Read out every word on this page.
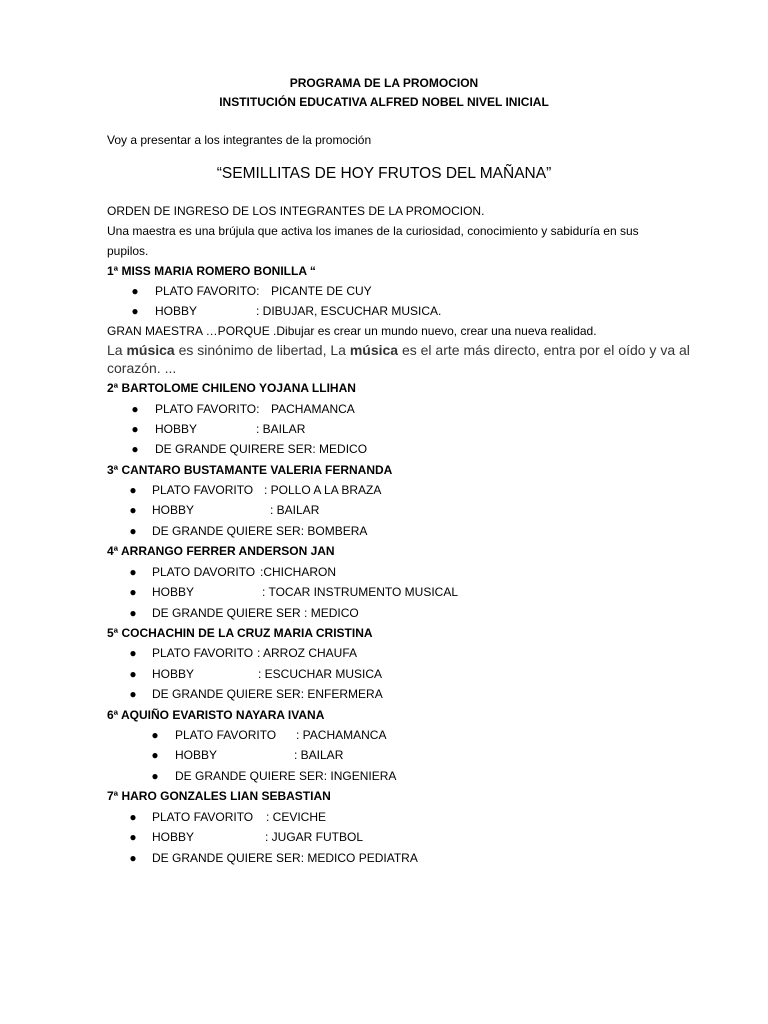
PROGRAMA DE LA PROMOCION
INSTITUCIÓN EDUCATIVA ALFRED NOBEL NIVEL INICIAL
Voy a presentar a los integrantes de la promoción
“SEMILLITAS DE HOY FRUTOS DEL MAÑANA”
ORDEN DE INGRESO DE LOS INTEGRANTES DE LA PROMOCION.
Una maestra es una brújula que activa los imanes de la curiosidad, conocimiento y sabiduría en sus
pupilos.
1ª MISS MARIA ROMERO BONILLA “
● PLATO FAVORITO: PICANTE DE CUY
● HOBBY	: DIBUJAR, ESCUCHAR MUSICA.
GRAN MAESTRA …PORQUE .Dibujar es crear un mundo nuevo, crear una nueva realidad.
La música es sinónimo de libertad, La música es el arte más directo, entra por el oído y va al
corazón. ...
2ª BARTOLOME CHILENO YOJANA LLIHAN
● PLATO FAVORITO: PACHAMANCA
● HOBBY	: BAILAR
● DE GRANDE QUIRERE SER: MEDICO
3ª CANTARO BUSTAMANTE VALERIA FERNANDA
● PLATO FAVORITO : POLLO A LA BRAZA
● HOBBY	: BAILAR
● DE GRANDE QUIERE SER: BOMBERA
4ª ARRANGO FERRER ANDERSON JAN
● PLATO DAVORITO :CHICHARON
● HOBBY	: TOCAR INSTRUMENTO MUSICAL
● DE GRANDE QUIERE SER : MEDICO
5ª COCHACHIN DE LA CRUZ MARIA CRISTINA
● PLATO FAVORITO : ARROZ CHAUFA
● HOBBY	: ESCUCHAR MUSICA
● DE GRANDE QUIERE SER: ENFERMERA
6ª AQUIÑO EVARISTO NAYARA IVANA
● PLATO FAVORITO : PACHAMANCA
● HOBBY	: BAILAR
● DE GRANDE QUIERE SER: INGENIERA
7ª HARO GONZALES LIAN SEBASTIAN
● PLATO FAVORITO : CEVICHE
● HOBBY	: JUGAR FUTBOL
● DE GRANDE QUIERE SER: MEDICO PEDIATRA
